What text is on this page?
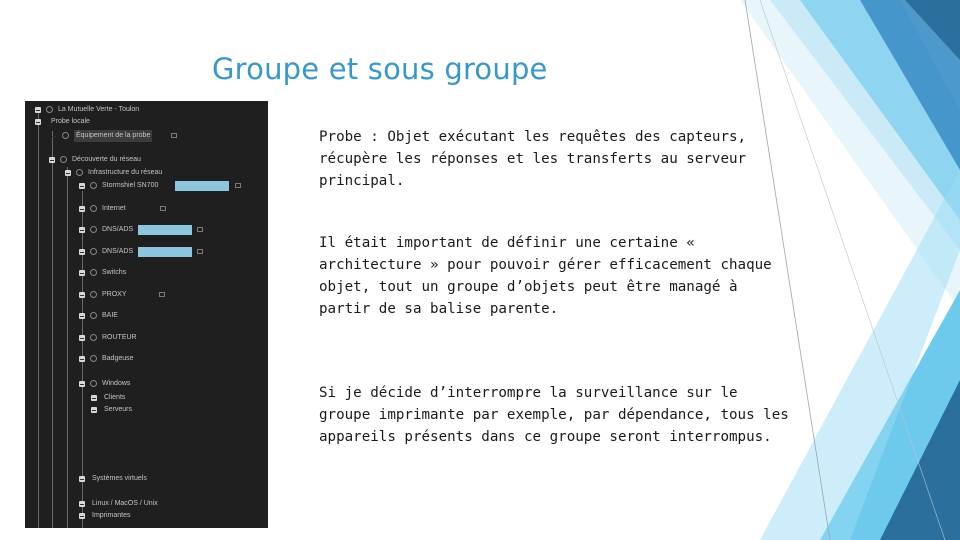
Groupe et sous groupe
La Mutuelle Verte - Toulon
Probe locale
Équipement de la probe
Découverte du réseau
Infrastructure du réseau
Stormshiel SN700
Internet
DNS/ADS
DNS/ADS
Switchs
PROXY
BAIE
ROUTEUR
Badgeuse
Windows
Clients
Serveurs
Systèmes virtuels
Linux / MacOS / Unix
Imprimantes

Probe : Objet exécutant les requêtes des capteurs, récupère les réponses et les transferts au serveur principal.

Il était important de définir une certaine « architecture » pour pouvoir gérer efficacement chaque objet, tout un groupe d’objets peut être managé à partir de sa balise parente.

Si je décide d’interrompre la surveillance sur le groupe imprimante par exemple, par dépendance, tous les appareils présents dans ce groupe seront interrompus.
